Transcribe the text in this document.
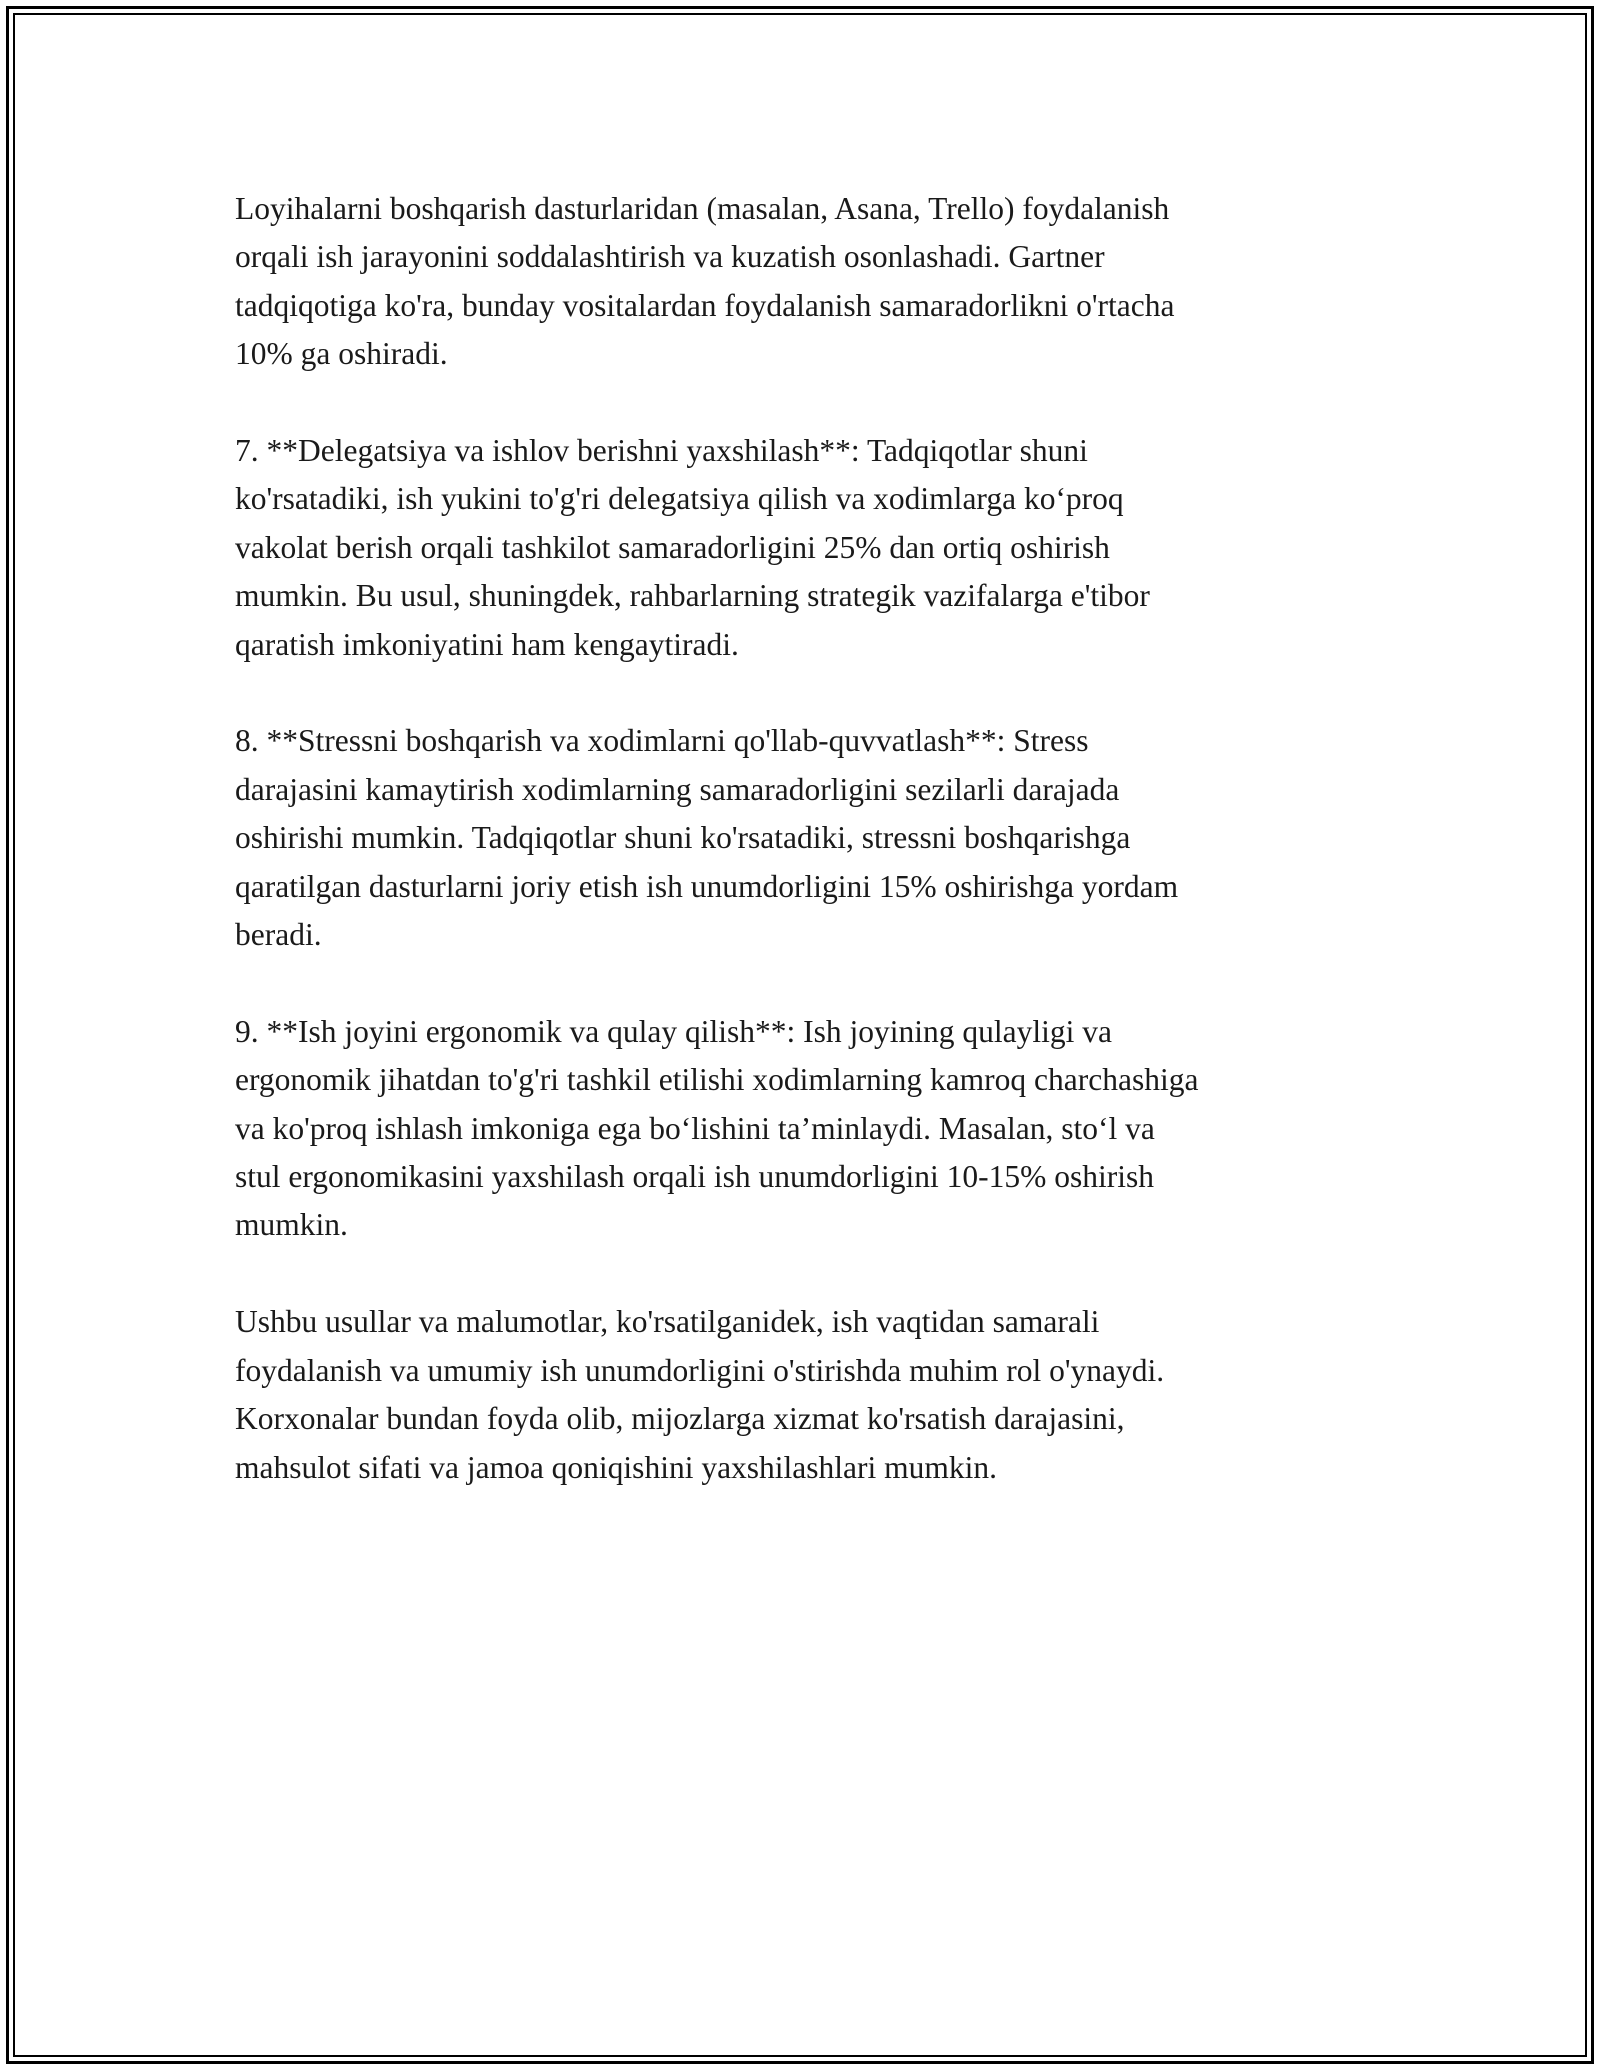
Loyihalarni boshqarish dasturlaridan (masalan, Asana, Trello) foydalanish
orqali ish jarayonini soddalashtirish va kuzatish osonlashadi. Gartner
tadqiqotiga ko'ra, bunday vositalardan foydalanish samaradorlikni o'rtacha
10% ga oshiradi.

7. **Delegatsiya va ishlov berishni yaxshilash**: Tadqiqotlar shuni
ko'rsatadiki, ish yukini to'g'ri delegatsiya qilish va xodimlarga ko‘proq
vakolat berish orqali tashkilot samaradorligini 25% dan ortiq oshirish
mumkin. Bu usul, shuningdek, rahbarlarning strategik vazifalarga e'tibor
qaratish imkoniyatini ham kengaytiradi.

8. **Stressni boshqarish va xodimlarni qo'llab-quvvatlash**: Stress
darajasini kamaytirish xodimlarning samaradorligini sezilarli darajada
oshirishi mumkin. Tadqiqotlar shuni ko'rsatadiki, stressni boshqarishga
qaratilgan dasturlarni joriy etish ish unumdorligini 15% oshirishga yordam
beradi.

9. **Ish joyini ergonomik va qulay qilish**: Ish joyining qulayligi va
ergonomik jihatdan to'g'ri tashkil etilishi xodimlarning kamroq charchashiga
va ko'proq ishlash imkoniga ega bo‘lishini ta’minlaydi. Masalan, sto‘l va
stul ergonomikasini yaxshilash orqali ish unumdorligini 10-15% oshirish
mumkin.

Ushbu usullar va malumotlar, ko'rsatilganidek, ish vaqtidan samarali
foydalanish va umumiy ish unumdorligini o'stirishda muhim rol o'ynaydi.
Korxonalar bundan foyda olib, mijozlarga xizmat ko'rsatish darajasini,
mahsulot sifati va jamoa qoniqishini yaxshilashlari mumkin.
